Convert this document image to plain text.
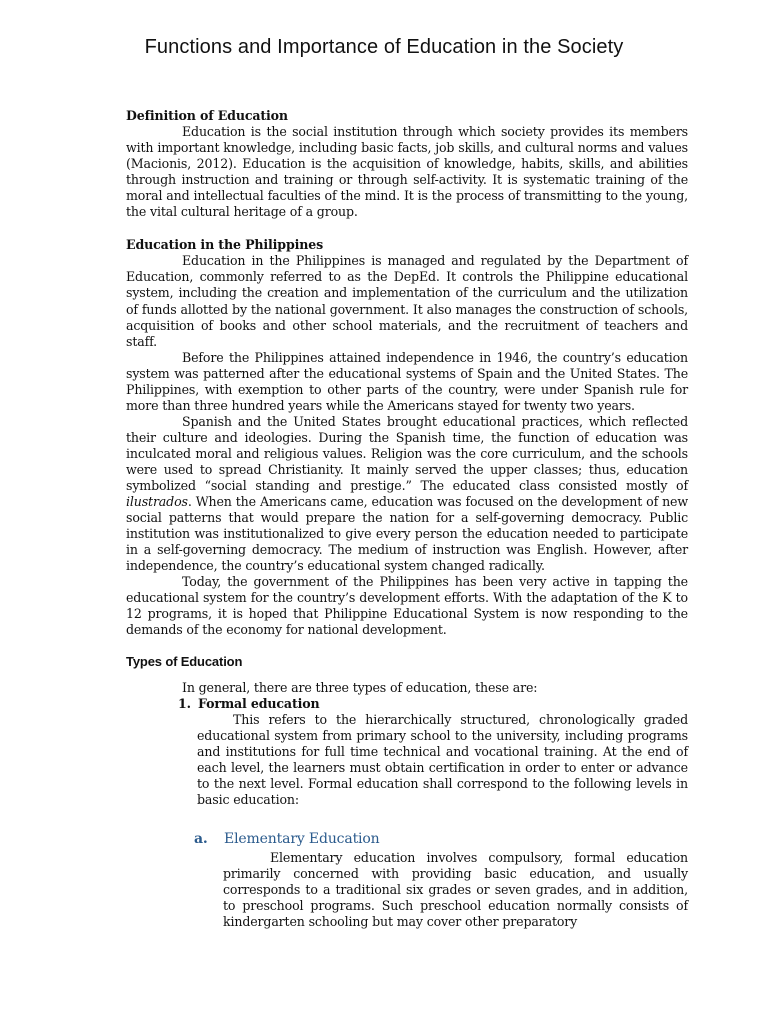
Functions and Importance of Education in the Society
Definition of Education

Education is the social institution through which society provides its members with important knowledge, including basic facts, job skills, and cultural norms and values (Macionis, 2012). Education is the acquisition of knowledge, habits, skills, and abilities through instruction and training or through self-activity. It is systematic training of the moral and intellectual faculties of the mind. It is the process of transmitting to the young, the vital cultural heritage of a group.

Education in the Philippines

Education in the Philippines is managed and regulated by the Department of Education, commonly referred to as the DepEd. It controls the Philippine educational system, including the creation and implementation of the curriculum and the utilization of funds allotted by the national government. It also manages the construction of schools, acquisition of books and other school materials, and the recruitment of teachers and staff.

Before the Philippines attained independence in 1946, the country’s education system was patterned after the educational systems of Spain and the United States. The Philippines, with exemption to other parts of the country, were under Spanish rule for more than three hundred years while the Americans stayed for twenty two years.

Spanish and the United States brought educational practices, which reflected their culture and ideologies. During the Spanish time, the function of education was inculcated moral and religious values. Religion was the core curriculum, and the schools were used to spread Christianity. It mainly served the upper classes; thus, education symbolized “social standing and prestige.” The educated class consisted mostly of ilustrados. When the Americans came, education was focused on the development of new social patterns that would prepare the nation for a self-governing democracy. Public institution was institutionalized to give every person the education needed to participate in a self-governing democracy. The medium of instruction was English. However, after independence, the country’s educational system changed radically.

Today, the government of the Philippines has been very active in tapping the educational system for the country’s development efforts. With the adaptation of the K to 12 programs, it is hoped that Philippine Educational System is now responding to the demands of the economy for national development.

Types of Education

In general, there are three types of education, these are:

1. Formal education

This refers to the hierarchically structured, chronologically graded educational system from primary school to the university, including programs and institutions for full time technical and vocational training. At the end of each level, the learners must obtain certification in order to enter or advance to the next level. Formal education shall correspond to the following levels in basic education:

a. Elementary Education

Elementary education involves compulsory, formal education primarily concerned with providing basic education, and usually corresponds to a traditional six grades or seven grades, and in addition, to preschool programs. Such preschool education normally consists of kindergarten schooling but may cover other preparatory
